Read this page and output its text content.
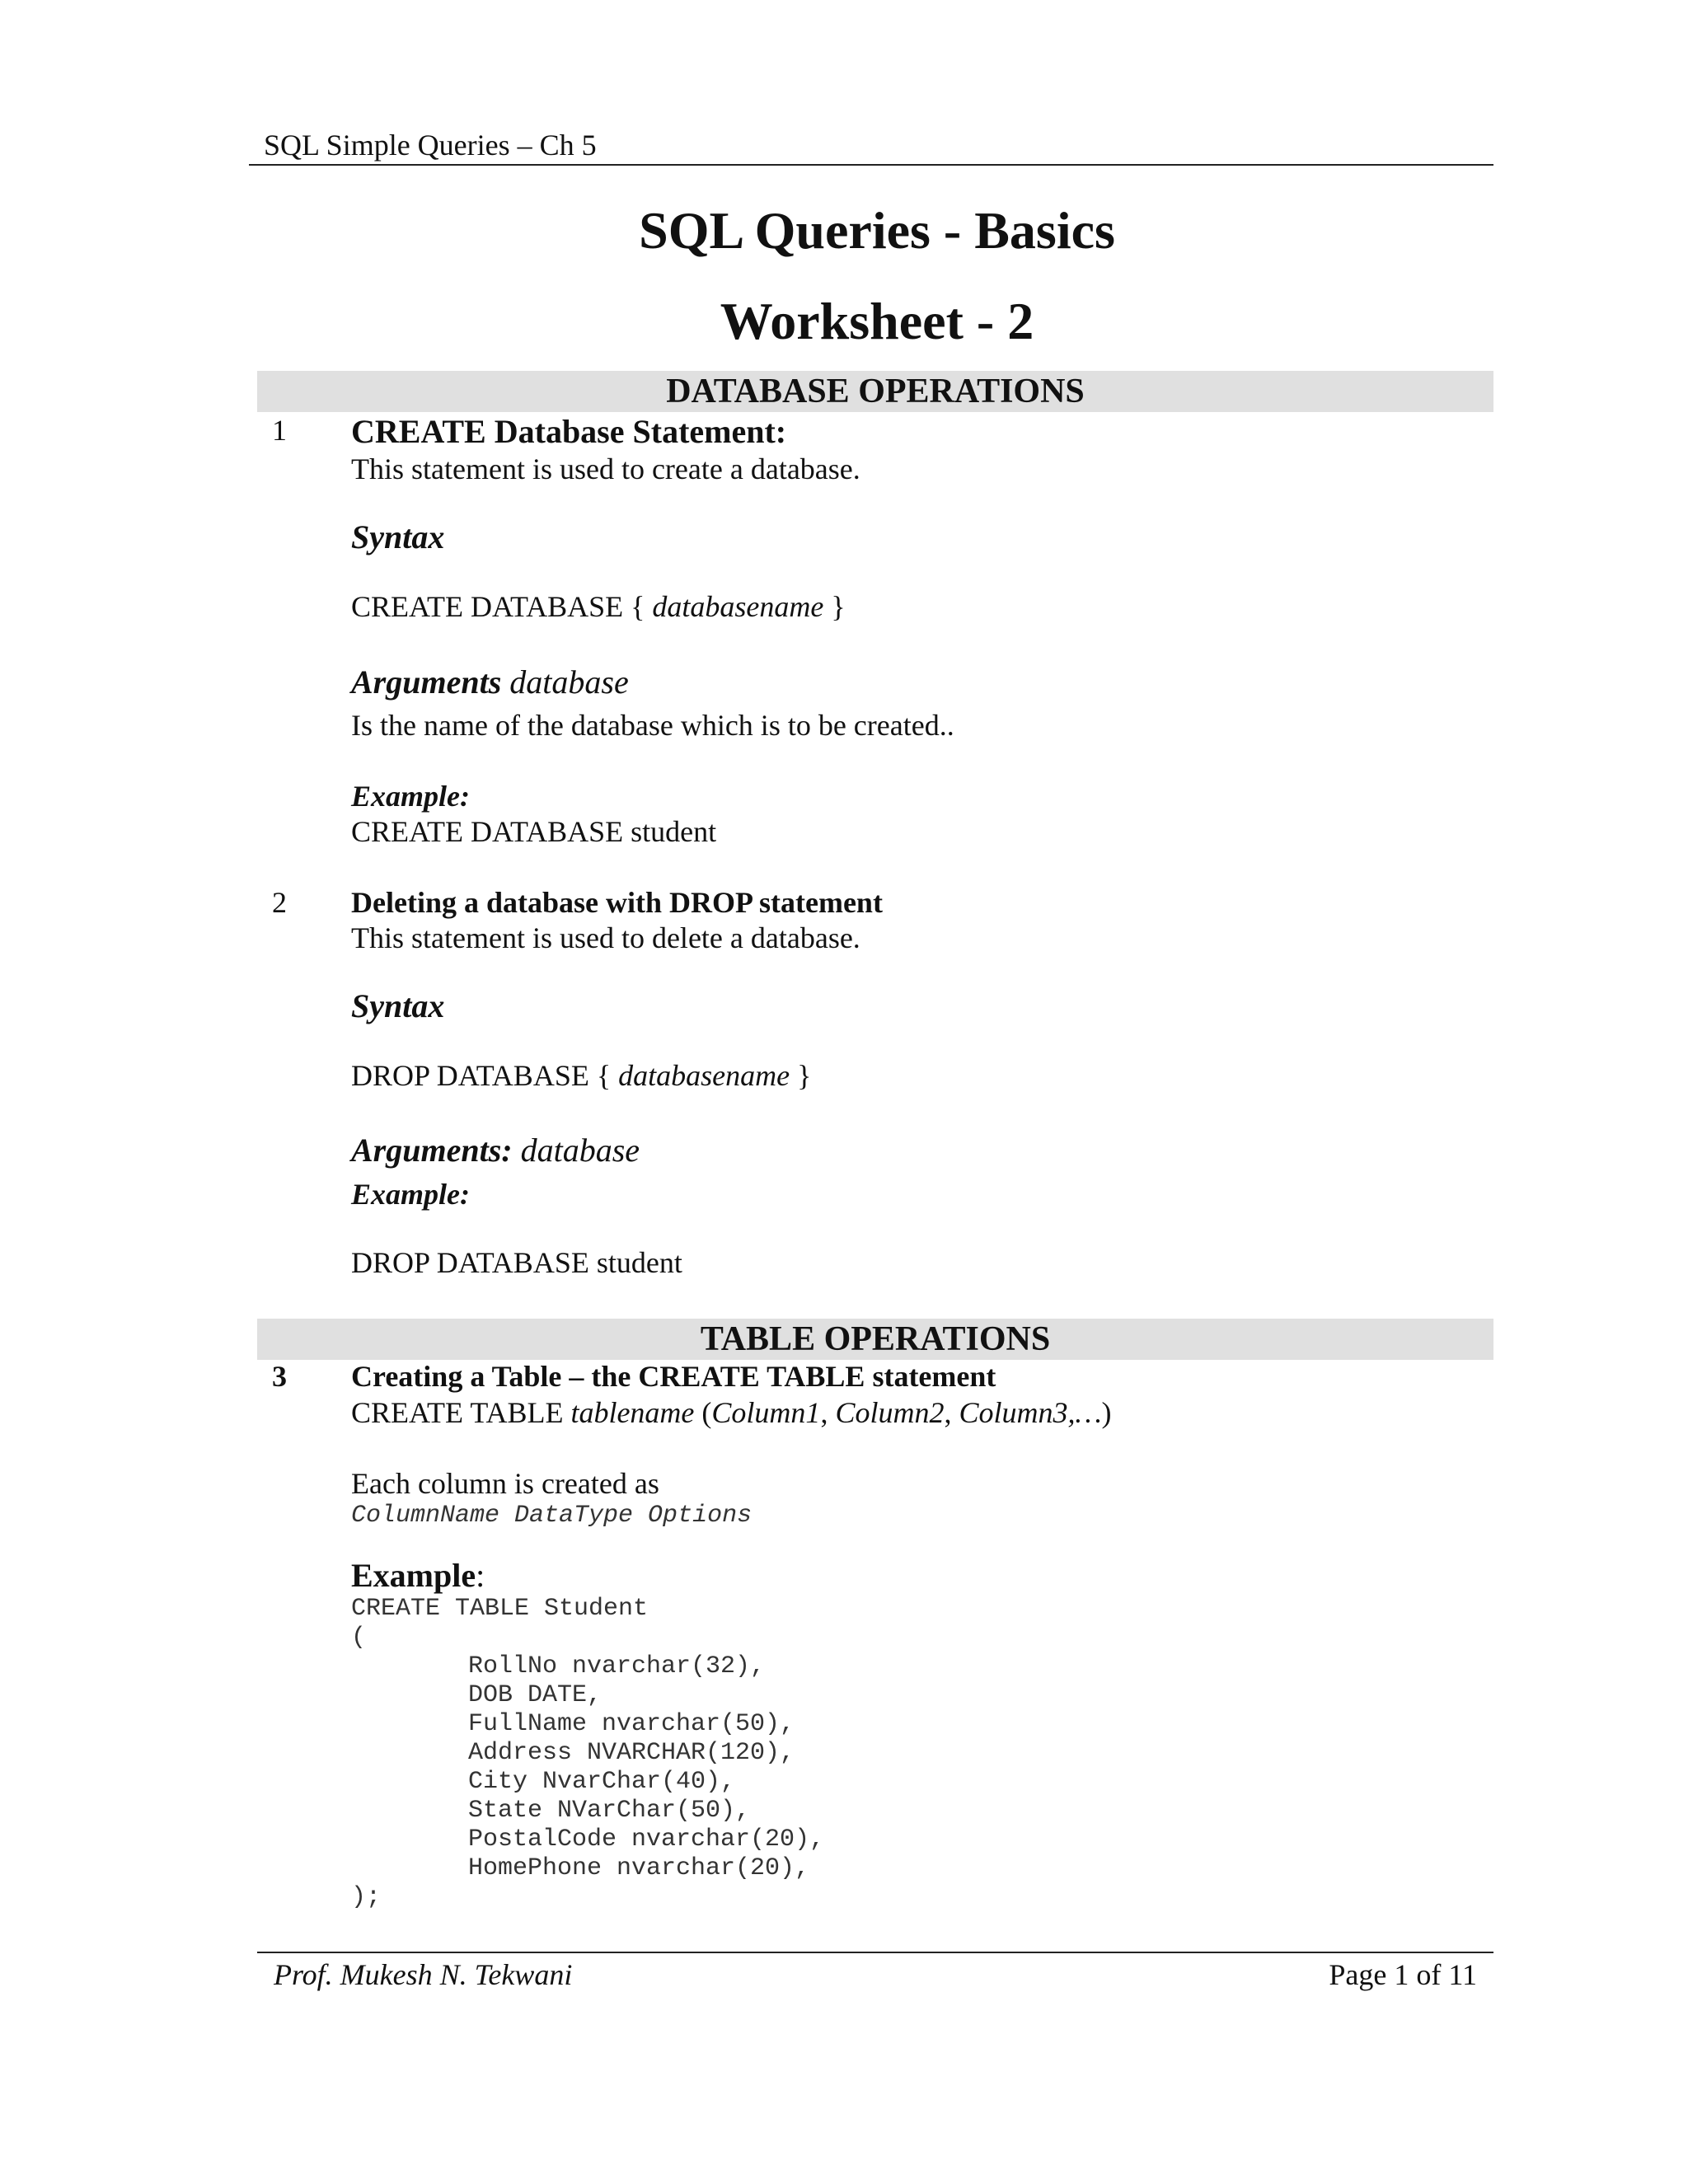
SQL Simple Queries – Ch 5
SQL Queries - Basics
Worksheet - 2
DATABASE OPERATIONS
1 CREATE Database Statement:
This statement is used to create a database.
Syntax
CREATE DATABASE { databasename }
Arguments database
Is the name of the database which is to be created..
Example:
CREATE DATABASE student
2 Deleting a database with DROP statement
This statement is used to delete a database.
Syntax
DROP DATABASE { databasename }
Arguments: database
Example:
DROP DATABASE student
TABLE OPERATIONS
3 Creating a Table – the CREATE TABLE statement
CREATE TABLE tablename (Column1, Column2, Column3,…)
Each column is created as
ColumnName DataType Options
Example:
CREATE TABLE Student
(
RollNo nvarchar(32),
DOB DATE,
FullName nvarchar(50),
Address NVARCHAR(120),
City NvarChar(40),
State NVarChar(50),
PostalCode nvarchar(20),
HomePhone nvarchar(20),
);
Prof. Mukesh N. Tekwani	Page 1 of 11
